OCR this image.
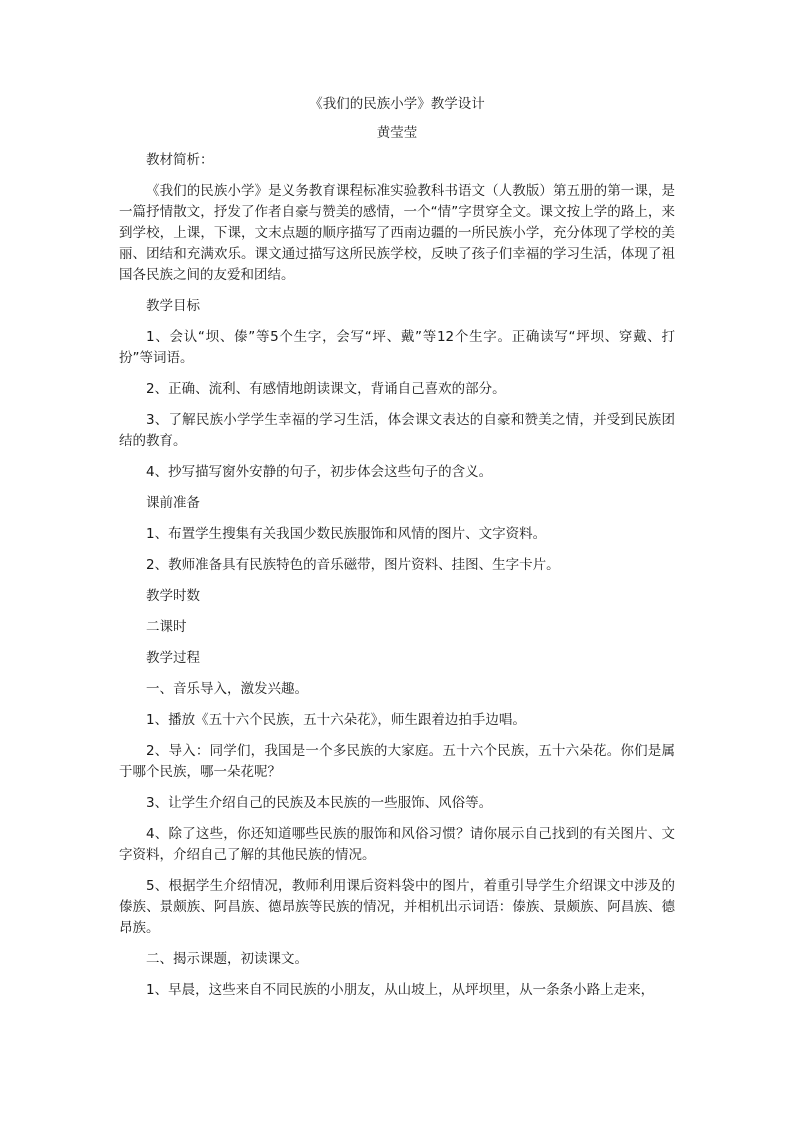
《我们的民族小学》教学设计

黄莹莹

教材简析：

《我们的民族小学》是义务教育课程标准实验教科书语文（人教版）第五册的第一课，是一篇抒情散文，抒发了作者自豪与赞美的感情，一个“情”字贯穿全文。课文按上学的路上，来到学校，上课，下课，文末点题的顺序描写了西南边疆的一所民族小学，充分体现了学校的美丽、团结和充满欢乐。课文通过描写这所民族学校，反映了孩子们幸福的学习生活，体现了祖国各民族之间的友爱和团结。

教学目标

1、会认“坝、傣”等5个生字，会写“坪、戴”等12个生字。正确读写“坪坝、穿戴、打扮”等词语。

2、正确、流利、有感情地朗读课文，背诵自己喜欢的部分。

3、了解民族小学学生幸福的学习生活，体会课文表达的自豪和赞美之情，并受到民族团结的教育。

4、抄写描写窗外安静的句子，初步体会这些句子的含义。

课前准备

1、布置学生搜集有关我国少数民族服饰和风情的图片、文字资料。

2、教师准备具有民族特色的音乐磁带，图片资料、挂图、生字卡片。

教学时数

二课时

教学过程

一、音乐导入，激发兴趣。

1、播放《五十六个民族，五十六朵花》，师生跟着边拍手边唱。

2、导入：同学们，我国是一个多民族的大家庭。五十六个民族，五十六朵花。你们是属于哪个民族，哪一朵花呢？

3、让学生介绍自己的民族及本民族的一些服饰、风俗等。

4、除了这些，你还知道哪些民族的服饰和风俗习惯？请你展示自己找到的有关图片、文字资料，介绍自己了解的其他民族的情况。

5、根据学生介绍情况，教师利用课后资料袋中的图片，着重引导学生介绍课文中涉及的傣族、景颇族、阿昌族、德昂族等民族的情况，并相机出示词语：傣族、景颇族、阿昌族、德昂族。

二、揭示课题，初读课文。

1、早晨，这些来自不同民族的小朋友，从山坡上，从坪坝里，从一条条小路上走来，
